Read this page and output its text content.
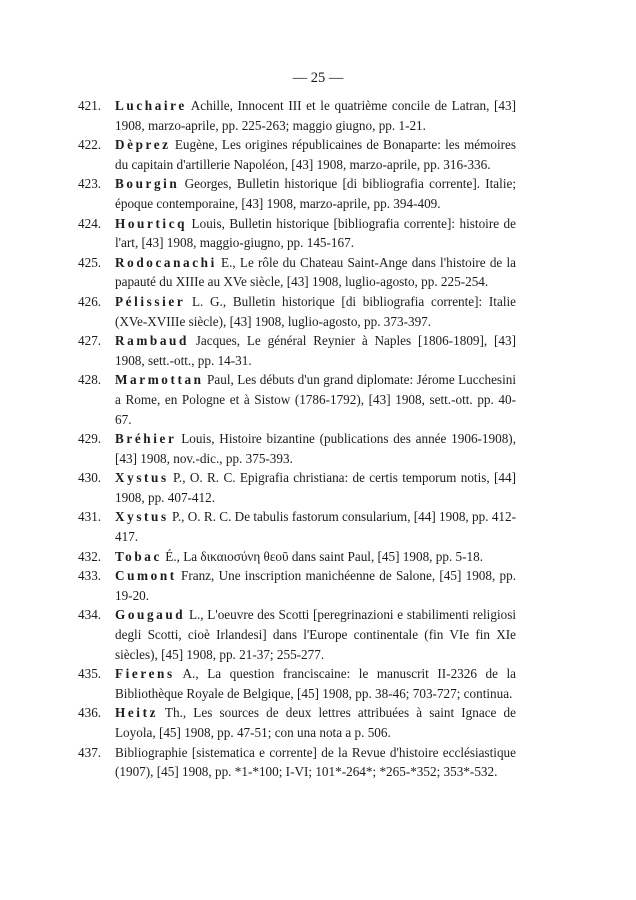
— 25 —
421. Luchaire Achille, Innocent III et le quatrième concile de Latran, [43] 1908, marzo-aprile, pp. 225-263; maggio giugno, pp. 1-21.
422. Dèprez Eugène, Les origines républicaines de Bonaparte: les mémoires du capitain d'artillerie Napoléon, [43] 1908, marzo-aprile, pp. 316-336.
423. Bourgin Georges, Bulletin historique [di bibliografia corrente]. Italie; époque contemporaine, [43] 1908, marzo-aprile, pp. 394-409.
424. Hourticq Louis, Bulletin historique [bibliografia corrente]: histoire de l'art, [43] 1908, maggio-giugno, pp. 145-167.
425. Rodocanachi E., Le rôle du Chateau Saint-Ange dans l'histoire de la papauté du XIIIe au XVe siècle, [43] 1908, luglio-agosto, pp. 225-254.
426. Pélissier L. G., Bulletin historique [di bibliografia corrente]: Italie (XVe-XVIIIe siècle), [43] 1908, luglio-agosto, pp. 373-397.
427. Rambaud Jacques, Le général Reynier à Naples [1806-1809], [43] 1908, sett.-ott., pp. 14-31.
428. Marmottan Paul, Les débuts d'un grand diplomate: Jérome Lucchesini a Rome, en Pologne et à Sistow (1786-1792), [43] 1908, sett.-ott. pp. 40-67.
429. Bréhier Louis, Histoire bizantine (publications des année 1906-1908), [43] 1908, nov.-dic., pp. 375-393.
430. Xystus P., O. R. C. Epigrafia christiana: de certis temporum notis, [44] 1908, pp. 407-412.
431. Xystus P., O. R. C. De tabulis fastorum consularium, [44] 1908, pp. 412-417.
432. Tobac É., La δικαιοσύνη θεοῦ dans saint Paul, [45] 1908, pp. 5-18.
433. Cumont Franz, Une inscription manichéenne de Salone, [45] 1908, pp. 19-20.
434. Gougaud L., L'oeuvre des Scotti [peregrinazioni e stabilimenti religiosi degli Scotti, cioè Irlandesi] dans l'Europe continentale (fin VIe fin XIe siècles), [45] 1908, pp. 21-37; 255-277.
435. Fierens A., La question franciscaine: le manuscrit II-2326 de la Bibliothèque Royale de Belgique, [45] 1908, pp. 38-46; 703-727; continua.
436. Heitz Th., Les sources de deux lettres attribuées à saint Ignace de Loyola, [45] 1908, pp. 47-51; con una nota a p. 506.
437. Bibliographie [sistematica e corrente] de la Revue d'histoire ecclésiastique (1907), [45] 1908, pp. *1-*100; I-VI; 101*-264*; *265-*352; 353*-532.
